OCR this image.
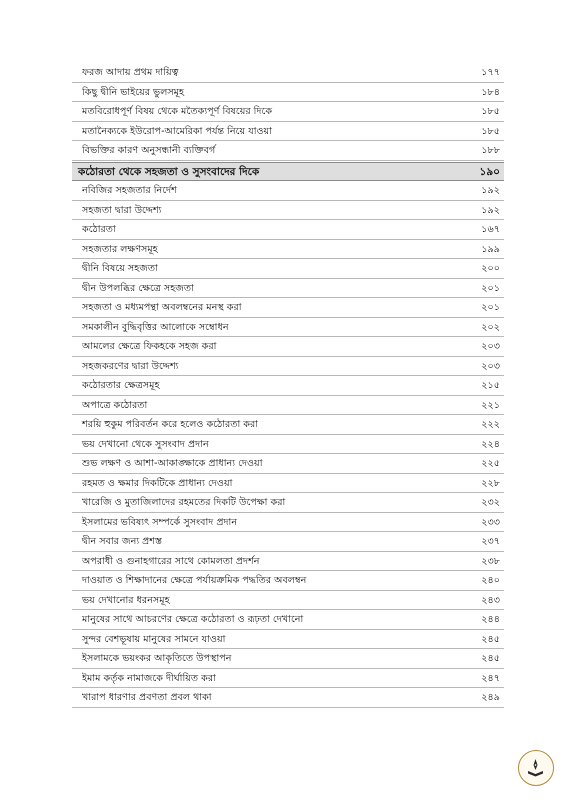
ফরজ আদায় প্রথম দায়িত্ব	১৭৭
কিছু দ্বীনি ভাইয়ের ভুলসমূহ	১৮৪
মতবিরোধপূর্ণ বিষয় থেকে মতৈক্যপূর্ণ বিষয়ের দিকে	১৮৫
মতানৈক্যকে ইউরোপ-আমেরিকা পর্যন্ত নিয়ে যাওয়া	১৮৫
বিভক্তির কারণ অনুসন্ধানী ব্যক্তিবর্গ	১৮৮
কঠোরতা থেকে সহজতা ও সুসংবাদের দিকে	১৯০
নবিজির সহজতার নির্দেশ	১৯২
সহজতা দ্বারা উদ্দেশ্য	১৯২
কঠোরতা	১৬৭
সহজতার লক্ষণসমূহ	১৯৯
দ্বীনি বিষয়ে সহজতা	২০০
দ্বীন উপলব্ধির ক্ষেত্রে সহজতা	২০১
সহজতা ও মধ্যমপন্থা অবলম্বনের মনস্থ করা	২০১
সমকালীন বুদ্ধিবৃত্তির আলোকে সম্বোধন	২০২
আমলের ক্ষেত্রে ফিকহকে সহজ করা	২০৩
সহজকরণের দ্বারা উদ্দেশ্য	২০৩
কঠোরতার ক্ষেত্রসমূহ	২১৫
অপাত্রে কঠোরতা	২২১
শরয়ি হুকুম পরিবর্তন করে হলেও কঠোরতা করা	২২২
ভয় দেখানো থেকে সুসংবাদ প্রদান	২২৪
শুভ লক্ষণ ও আশা-আকাঙ্ক্ষাকে প্রাধান্য দেওয়া	২২৫
রহমত ও ক্ষমার দিকটিকে প্রাধান্য দেওয়া	২২৮
খারেজি ও মুতাজিলাদের রহমতের দিকটি উপেক্ষা করা	২৩২
ইসলামের ভবিষ্যৎ সম্পর্কে সুসংবাদ প্রদান	২৩৩
দ্বীন সবার জন্য প্রশস্ত	২৩৭
অপরাধী ও গুনাহগারের সাথে কোমলতা প্রদর্শন	২৩৮
দাওয়াত ও শিক্ষাদানের ক্ষেত্রে পর্যায়ক্রমিক পদ্ধতির অবলম্বন	২৪০
ভয় দেখানোর ধরনসমূহ	২৪৩
মানুষের সাথে আচরণের ক্ষেত্রে কঠোরতা ও রূঢ়তা দেখানো	২৪৪
সুন্দর বেশভূষায় মানুষের সামনে যাওয়া	২৪৫
ইসলামকে ভয়ংকর আকৃতিতে উপস্থাপন	২৪৫
ইমাম কর্তৃক নামাজকে দীর্ঘায়িত করা	২৪৭
খারাপ ধারণার প্রবণতা প্রবল থাকা	২৪৯
